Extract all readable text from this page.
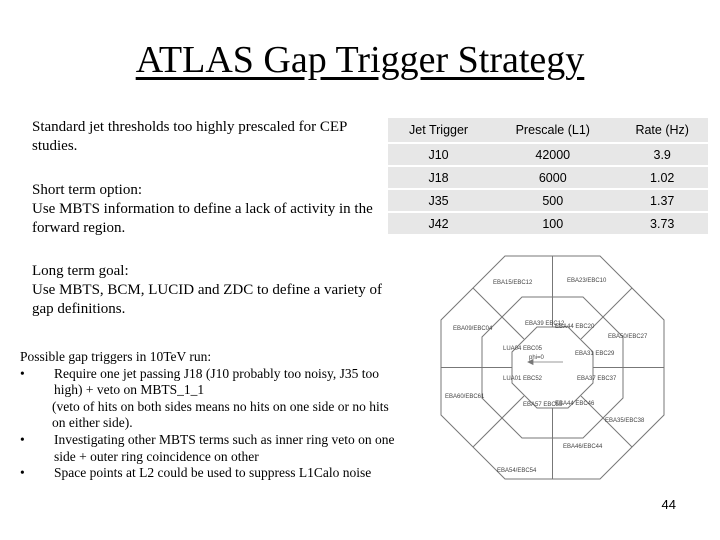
ATLAS Gap Trigger Strategy

Standard jet thresholds too highly prescaled for CEP studies.

Short term option:
Use MBTS information to define a lack of activity in the forward region.
Long term goal:
Use MBTS, BCM, LUCID and ZDC to define a variety of gap definitions.

Possible gap triggers in 10TeV run:

•	Require one jet passing J18 (J10 probably too noisy, J35 too high) + veto on MBTS_1_1
(veto of hits on both sides means no hits on one side or no hits on either side).
•	Investigating other MBTS terms such as inner ring veto on one side + outer ring coincidence on other
•	Space points at L2 could be used to suppress L1Calo noise
Jet Trigger	Prescale (L1)	Rate (Hz)
J10	42000	3.9
J18	6000	1.02
J35	500	1.37
J42	100	3.73
phi=0
EBA15/EBC12	EBA23/EBC10
EBA50/EBC27
EBA35/EBC38
EBA46/EBC44
EBA54/EBC54
EBA60/EBC61
EBA09/EBC04
EBA39 EBC12
EBA44 EBC20
EBA31 EBC29
EBA37 EBC37
EBA44 EBC46
EBA57 EBC55
LUA01 EBC52
LUA04 EBC05
44
